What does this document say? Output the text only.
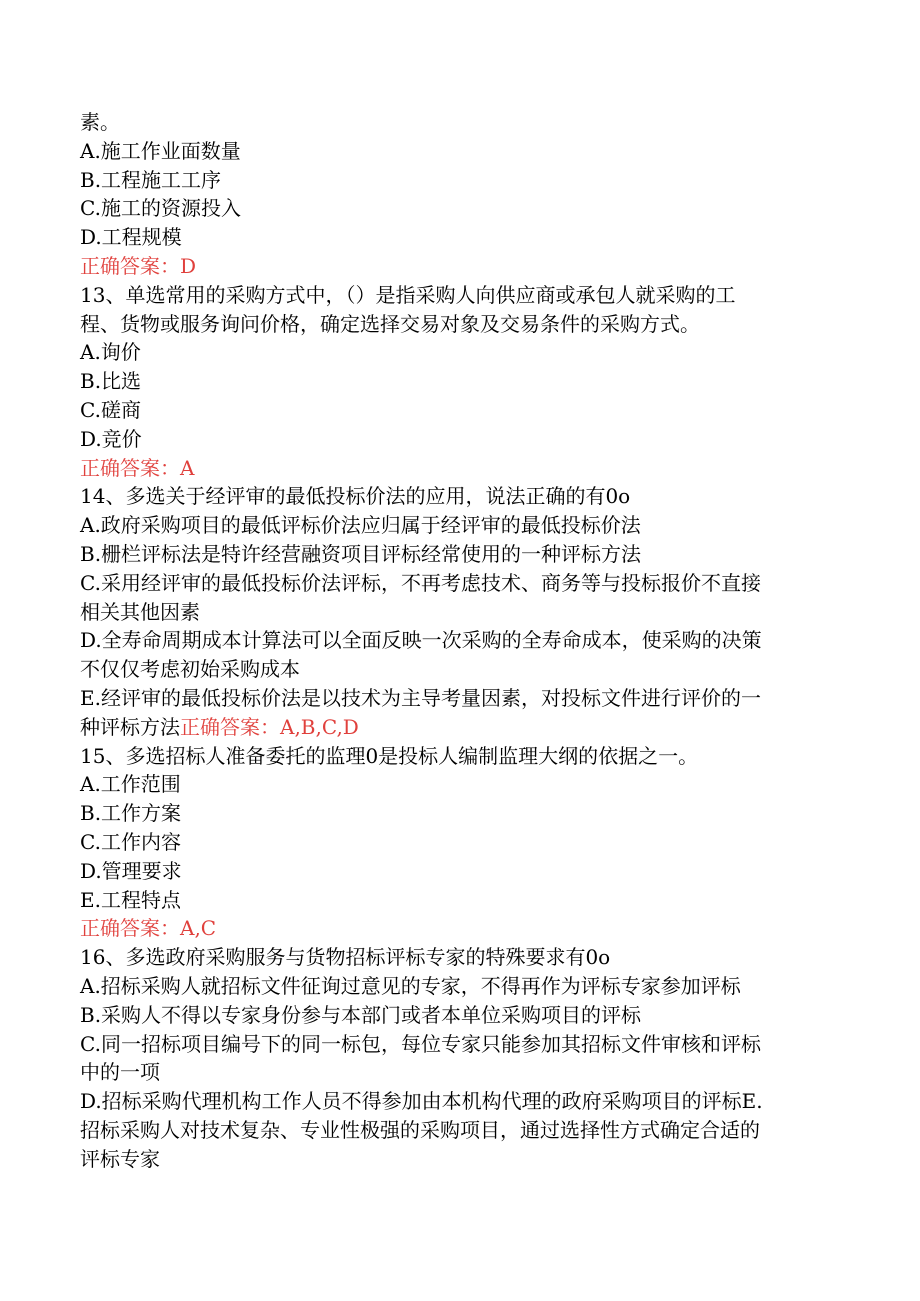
素。
A.施工作业面数量
B.工程施工工序
C.施工的资源投入
D.工程规模
正确答案：D
13、单选常用的采购方式中，（）是指采购人向供应商或承包人就采购的工
程、货物或服务询问价格，确定选择交易对象及交易条件的采购方式。
A.询价
B.比选
C.磋商
D.竞价
正确答案：A
14、多选关于经评审的最低投标价法的应用，说法正确的有0o
A.政府采购项目的最低评标价法应归属于经评审的最低投标价法
B.栅栏评标法是特许经营融资项目评标经常使用的一种评标方法
C.采用经评审的最低投标价法评标，不再考虑技术、商务等与投标报价不直接
相关其他因素
D.全寿命周期成本计算法可以全面反映一次采购的全寿命成本，使采购的决策
不仅仅考虑初始采购成本
E.经评审的最低投标价法是以技术为主导考量因素，对投标文件进行评价的一
种评标方法正确答案：A,B,C,D
15、多选招标人准备委托的监理0是投标人编制监理大纲的依据之一。
A.工作范围
B.工作方案
C.工作内容
D.管理要求
E.工程特点
正确答案：A,C
16、多选政府采购服务与货物招标评标专家的特殊要求有0o
A.招标采购人就招标文件征询过意见的专家，不得再作为评标专家参加评标
B.采购人不得以专家身份参与本部门或者本单位采购项目的评标
C.同一招标项目编号下的同一标包，每位专家只能参加其招标文件审核和评标
中的一项
D.招标采购代理机构工作人员不得参加由本机构代理的政府采购项目的评标E.
招标采购人对技术复杂、专业性极强的采购项目，通过选择性方式确定合适的
评标专家
